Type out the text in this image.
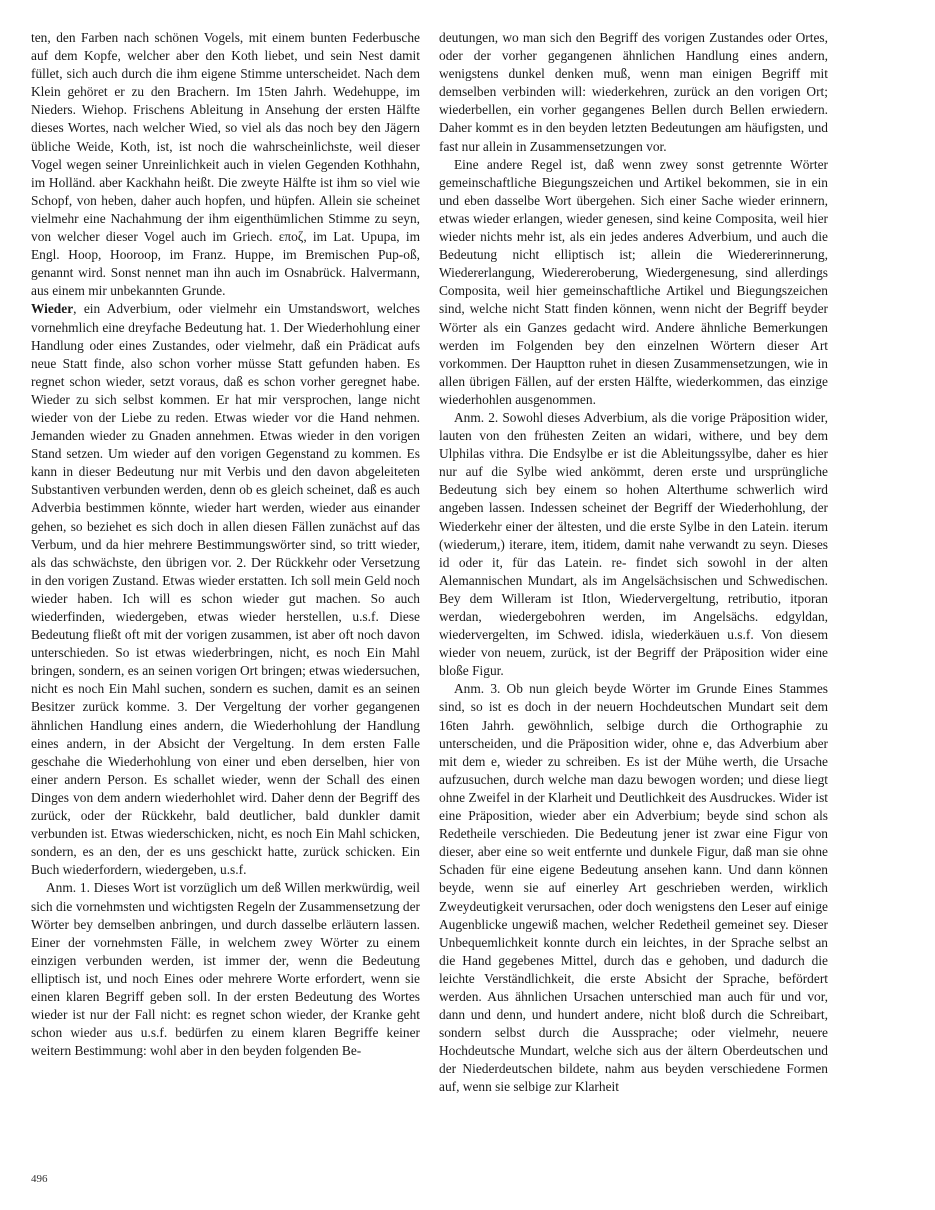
ten, den Farben nach schönen Vogels, mit einem bunten Federbusche auf dem Kopfe, welcher aber den Koth liebet, und sein Nest damit füllet, sich auch durch die ihm eigene Stimme unterscheidet. Nach dem Klein gehöret er zu den Brachern. Im 15ten Jahrh. Wedehuppe, im Nieders. Wiehop. Frischens Ableitung in Ansehung der ersten Hälfte dieses Wortes, nach welcher Wied, so viel als das noch bey den Jägern übliche Weide, Koth, ist, ist noch die wahrscheinlichste, weil dieser Vogel wegen seiner Unreinlichkeit auch in vielen Gegenden Kothhahn, im Holländ. aber Kackhahn heißt. Die zweyte Hälfte ist ihm so viel wie Schopf, von heben, daher auch hopfen, und hüpfen. Allein sie scheinet vielmehr eine Nachahmung der ihm eigenthümlichen Stimme zu seyn, von welcher dieser Vogel auch im Griech. εποζ, im Lat. Upupa, im Engl. Hoop, Hooroop, im Franz. Huppe, im Bremischen Pup-oß, genannt wird. Sonst nennet man ihn auch im Osnabrück. Halvermann, aus einem mir unbekannten Grunde.

Wieder, ein Adverbium, oder vielmehr ein Umstandswort, welches vornehmlich eine dreyfache Bedeutung hat. 1. Der Wiederhohlung einer Handlung oder eines Zustandes, oder vielmehr, daß ein Prädicat aufs neue Statt finde, also schon vorher müsse Statt gefunden haben. Es regnet schon wieder, setzt voraus, daß es schon vorher geregnet habe. Wieder zu sich selbst kommen. Er hat mir versprochen, lange nicht wieder von der Liebe zu reden. Etwas wieder vor die Hand nehmen. Jemanden wieder zu Gnaden annehmen. Etwas wieder in den vorigen Stand setzen. Um wieder auf den vorigen Gegenstand zu kommen. Es kann in dieser Bedeutung nur mit Verbis und den davon abgeleiteten Substantiven verbunden werden, denn ob es gleich scheinet, daß es auch Adverbia bestimmen könnte, wieder hart werden, wieder aus einander gehen, so beziehet es sich doch in allen diesen Fällen zunächst auf das Verbum, und da hier mehrere Bestimmungswörter sind, so tritt wieder, als das schwächste, den übrigen vor. 2. Der Rückkehr oder Versetzung in den vorigen Zustand. Etwas wieder erstatten. Ich soll mein Geld noch wieder haben. Ich will es schon wieder gut machen. So auch wiederfinden, wiedergeben, etwas wieder herstellen, u.s.f. Diese Bedeutung fließt oft mit der vorigen zusammen, ist aber oft noch davon unterschieden. So ist etwas wiederbringen, nicht, es noch Ein Mahl bringen, sondern, es an seinen vorigen Ort bringen; etwas wiedersuchen, nicht es noch Ein Mahl suchen, sondern es suchen, damit es an seinen Besitzer zurück komme. 3. Der Vergeltung der vorher gegangenen ähnlichen Handlung eines andern, die Wiederhohlung der Handlung eines andern, in der Absicht der Vergeltung. In dem ersten Falle geschahe die Wiederhohlung von einer und eben derselben, hier von einer andern Person. Es schallet wieder, wenn der Schall des einen Dinges von dem andern wiederhohlet wird. Daher denn der Begriff des zurück, oder der Rückkehr, bald deutlicher, bald dunkler damit verbunden ist. Etwas wiederschicken, nicht, es noch Ein Mahl schicken, sondern, es an den, der es uns geschickt hatte, zurück schicken. Ein Buch wiederfordern, wiedergeben, u.s.f.

Anm. 1. Dieses Wort ist vorzüglich um deß Willen merkwürdig, weil sich die vornehmsten und wichtigsten Regeln der Zusammensetzung der Wörter bey demselben anbringen, und durch dasselbe erläutern lassen. Einer der vornehmsten Fälle, in welchem zwey Wörter zu einem einzigen verbunden werden, ist immer der, wenn die Bedeutung elliptisch ist, und noch Eines oder mehrere Worte erfordert, wenn sie einen klaren Begriff geben soll. In der ersten Bedeutung des Wortes wieder ist nur der Fall nicht: es regnet schon wieder, der Kranke geht schon wieder aus u.s.f. bedürfen zu einem klaren Begriffe keiner weitern Bestimmung: wohl aber in den beyden folgenden Be-

deutungen, wo man sich den Begriff des vorigen Zustandes oder Ortes, oder der vorher gegangenen ähnlichen Handlung eines andern, wenigstens dunkel denken muß, wenn man einigen Begriff mit demselben verbinden will: wiederkehren, zurück an den vorigen Ort; wiederbellen, ein vorher gegangenes Bellen durch Bellen erwiedern. Daher kommt es in den beyden letzten Bedeutungen am häufigsten, und fast nur allein in Zusammensetzungen vor.

Eine andere Regel ist, daß wenn zwey sonst getrennte Wörter gemeinschaftliche Biegungszeichen und Artikel bekommen, sie in ein und eben dasselbe Wort übergehen. Sich einer Sache wieder erinnern, etwas wieder erlangen, wieder genesen, sind keine Composita, weil hier wieder nichts mehr ist, als ein jedes anderes Adverbium, und auch die Bedeutung nicht elliptisch ist; allein die Wiedererinnerung, Wiedererlangung, Wiedereroberung, Wiedergenesung, sind allerdings Composita, weil hier gemeinschaftliche Artikel und Biegungszeichen sind, welche nicht Statt finden können, wenn nicht der Begriff beyder Wörter als ein Ganzes gedacht wird. Andere ähnliche Bemerkungen werden im Folgenden bey den einzelnen Wörtern dieser Art vorkommen. Der Hauptton ruhet in diesen Zusammensetzungen, wie in allen übrigen Fällen, auf der ersten Hälfte, wiederkommen, das einzige wiederhohlen ausgenommen.

Anm. 2. Sowohl dieses Adverbium, als die vorige Präposition wider, lauten von den frühesten Zeiten an widari, withere, und bey dem Ulphilas vithra. Die Endsylbe er ist die Ableitungssylbe, daher es hier nur auf die Sylbe wied ankömmt, deren erste und ursprüngliche Bedeutung sich bey einem so hohen Alterthume schwerlich wird angeben lassen. Indessen scheinet der Begriff der Wiederhohlung, der Wiederkehr einer der ältesten, und die erste Sylbe in den Latein. iterum (wiederum,) iterare, item, itidem, damit nahe verwandt zu seyn. Dieses id oder it, für das Latein. re- findet sich sowohl in der alten Alemannischen Mundart, als im Angelsächsischen und Schwedischen. Bey dem Willeram ist Itlon, Wiedervergeltung, retributio, itporan werdan, wiedergebohren werden, im Angelsächs. edgyldan, wiedervergelten, im Schwed. idisla, wiederkäuen u.s.f. Von diesem wieder von neuem, zurück, ist der Begriff der Präposition wider eine bloße Figur.

Anm. 3. Ob nun gleich beyde Wörter im Grunde Eines Stammes sind, so ist es doch in der neuern Hochdeutschen Mundart seit dem 16ten Jahrh. gewöhnlich, selbige durch die Orthographie zu unterscheiden, und die Präposition wider, ohne e, das Adverbium aber mit dem e, wieder zu schreiben. Es ist der Mühe werth, die Ursache aufzusuchen, durch welche man dazu bewogen worden; und diese liegt ohne Zweifel in der Klarheit und Deutlichkeit des Ausdruckes. Wider ist eine Präposition, wieder aber ein Adverbium; beyde sind schon als Redetheile verschieden. Die Bedeutung jener ist zwar eine Figur von dieser, aber eine so weit entfernte und dunkele Figur, daß man sie ohne Schaden für eine eigene Bedeutung ansehen kann. Und dann können beyde, wenn sie auf einerley Art geschrieben werden, wirklich Zweydeutigkeit verursachen, oder doch wenigstens den Leser auf einige Augenblicke ungewiß machen, welcher Redetheil gemeinet sey. Dieser Unbequemlichkeit konnte durch ein leichtes, in der Sprache selbst an die Hand gegebenes Mittel, durch das e gehoben, und dadurch die leichte Verständlichkeit, die erste Absicht der Sprache, befördert werden. Aus ähnlichen Ursachen unterschied man auch für und vor, dann und denn, und hundert andere, nicht bloß durch die Schreibart, sondern selbst durch die Aussprache; oder vielmehr, neuere Hochdeutsche Mundart, welche sich aus der ältern Oberdeutschen und der Niederdeutschen bildete, nahm aus beyden verschiedene Formen auf, wenn sie selbige zur Klarheit

496
